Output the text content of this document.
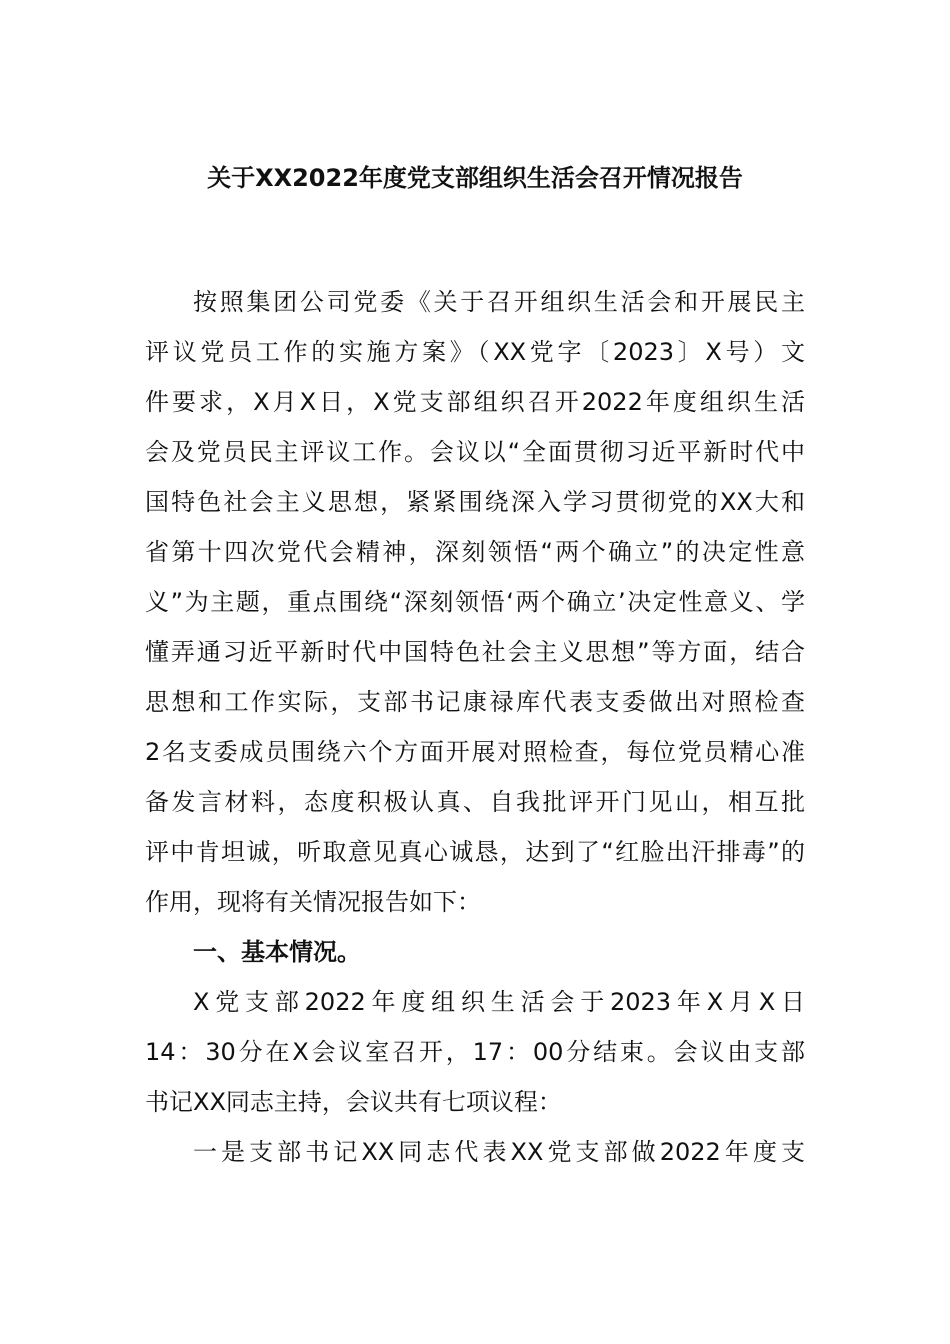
关于XX2022年度党支部组织生活会召开情况报告
按照集团公司党委《关于召开组织生活会和开展民主
评议党员工作的实施方案》（XX党字〔2023〕X号）文
件要求，X月X日，X党支部组织召开2022年度组织生活
会及党员民主评议工作。会议以“全面贯彻习近平新时代中
国特色社会主义思想，紧紧围绕深入学习贯彻党的XX大和
省第十四次党代会精神，深刻领悟“两个确立”的决定性意
义”为主题，重点围绕“深刻领悟‘两个确立’决定性意义、学
懂弄通习近平新时代中国特色社会主义思想”等方面，结合
思想和工作实际，支部书记康禄库代表支委做出对照检查
2名支委成员围绕六个方面开展对照检查，每位党员精心准
备发言材料，态度积极认真、自我批评开门见山，相互批
评中肯坦诚，听取意见真心诚恳，达到了“红脸出汗排毒”的
作用，现将有关情况报告如下：
一、基本情况。
X党支部2022年度组织生活会于2023年X月X日
14：30分在X会议室召开，17：00分结束。会议由支部
书记XX同志主持，会议共有七项议程：
一是支部书记XX同志代表XX党支部做2022年度支
